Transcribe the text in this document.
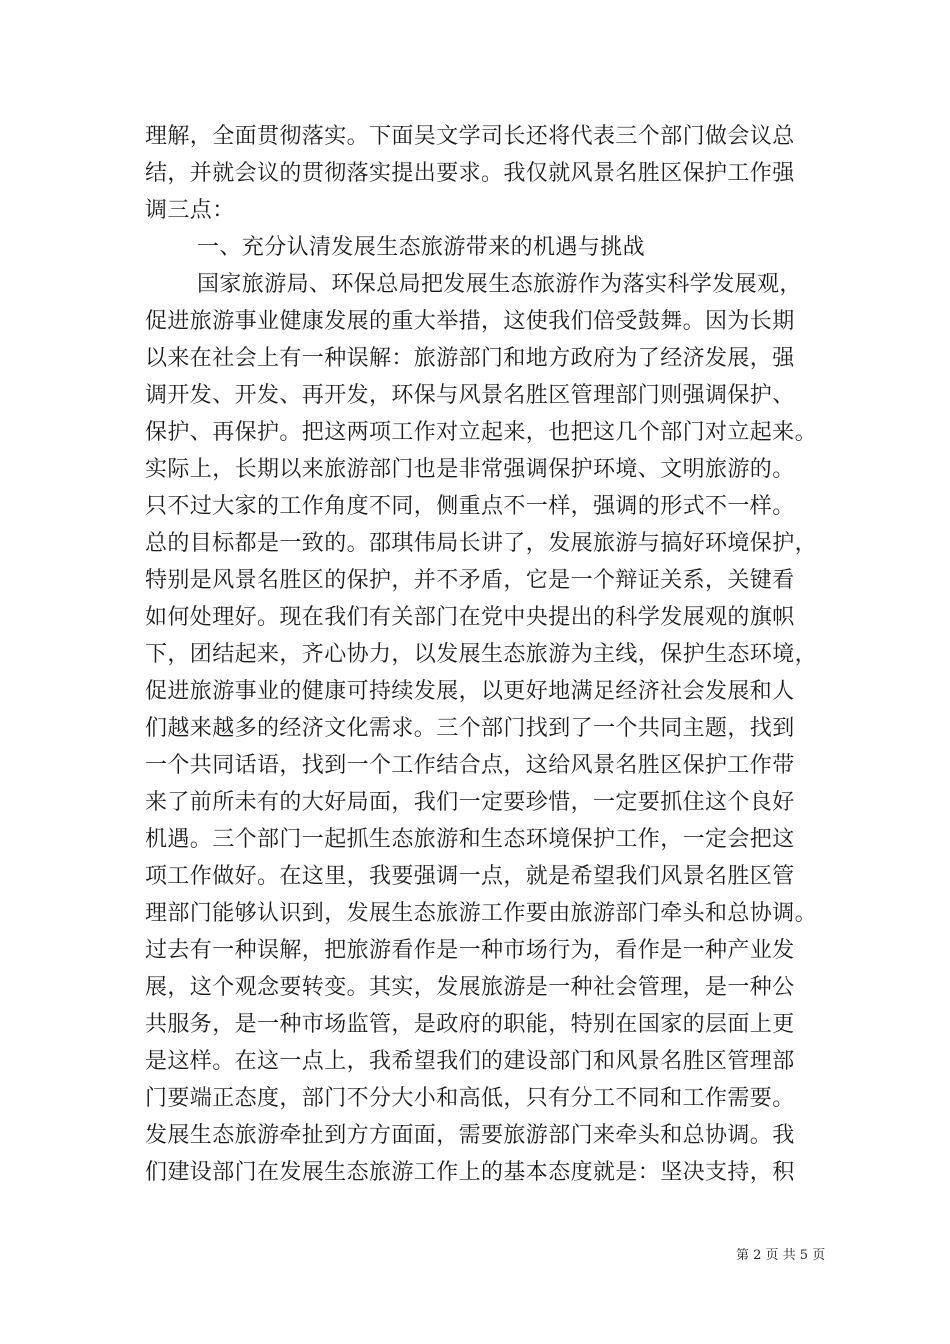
理解，全面贯彻落实。下面吴文学司长还将代表三个部门做会议总
结，并就会议的贯彻落实提出要求。我仅就风景名胜区保护工作强
调三点：
一、充分认清发展生态旅游带来的机遇与挑战
国家旅游局、环保总局把发展生态旅游作为落实科学发展观，
促进旅游事业健康发展的重大举措，这使我们倍受鼓舞。因为长期
以来在社会上有一种误解：旅游部门和地方政府为了经济发展，强
调开发、开发、再开发，环保与风景名胜区管理部门则强调保护、
保护、再保护。把这两项工作对立起来，也把这几个部门对立起来。
实际上，长期以来旅游部门也是非常强调保护环境、文明旅游的。
只不过大家的工作角度不同，侧重点不一样，强调的形式不一样。
总的目标都是一致的。邵琪伟局长讲了，发展旅游与搞好环境保护，
特别是风景名胜区的保护，并不矛盾，它是一个辩证关系，关键看
如何处理好。现在我们有关部门在党中央提出的科学发展观的旗帜
下，团结起来，齐心协力，以发展生态旅游为主线，保护生态环境，
促进旅游事业的健康可持续发展，以更好地满足经济社会发展和人
们越来越多的经济文化需求。三个部门找到了一个共同主题，找到
一个共同话语，找到一个工作结合点，这给风景名胜区保护工作带
来了前所未有的大好局面，我们一定要珍惜，一定要抓住这个良好
机遇。三个部门一起抓生态旅游和生态环境保护工作，一定会把这
项工作做好。在这里，我要强调一点，就是希望我们风景名胜区管
理部门能够认识到，发展生态旅游工作要由旅游部门牵头和总协调。
过去有一种误解，把旅游看作是一种市场行为，看作是一种产业发
展，这个观念要转变。其实，发展旅游是一种社会管理，是一种公
共服务，是一种市场监管，是政府的职能，特别在国家的层面上更
是这样。在这一点上，我希望我们的建设部门和风景名胜区管理部
门要端正态度，部门不分大小和高低，只有分工不同和工作需要。
发展生态旅游牵扯到方方面面，需要旅游部门来牵头和总协调。我
们建设部门在发展生态旅游工作上的基本态度就是：坚决支持，积
第 2 页 共 5 页
